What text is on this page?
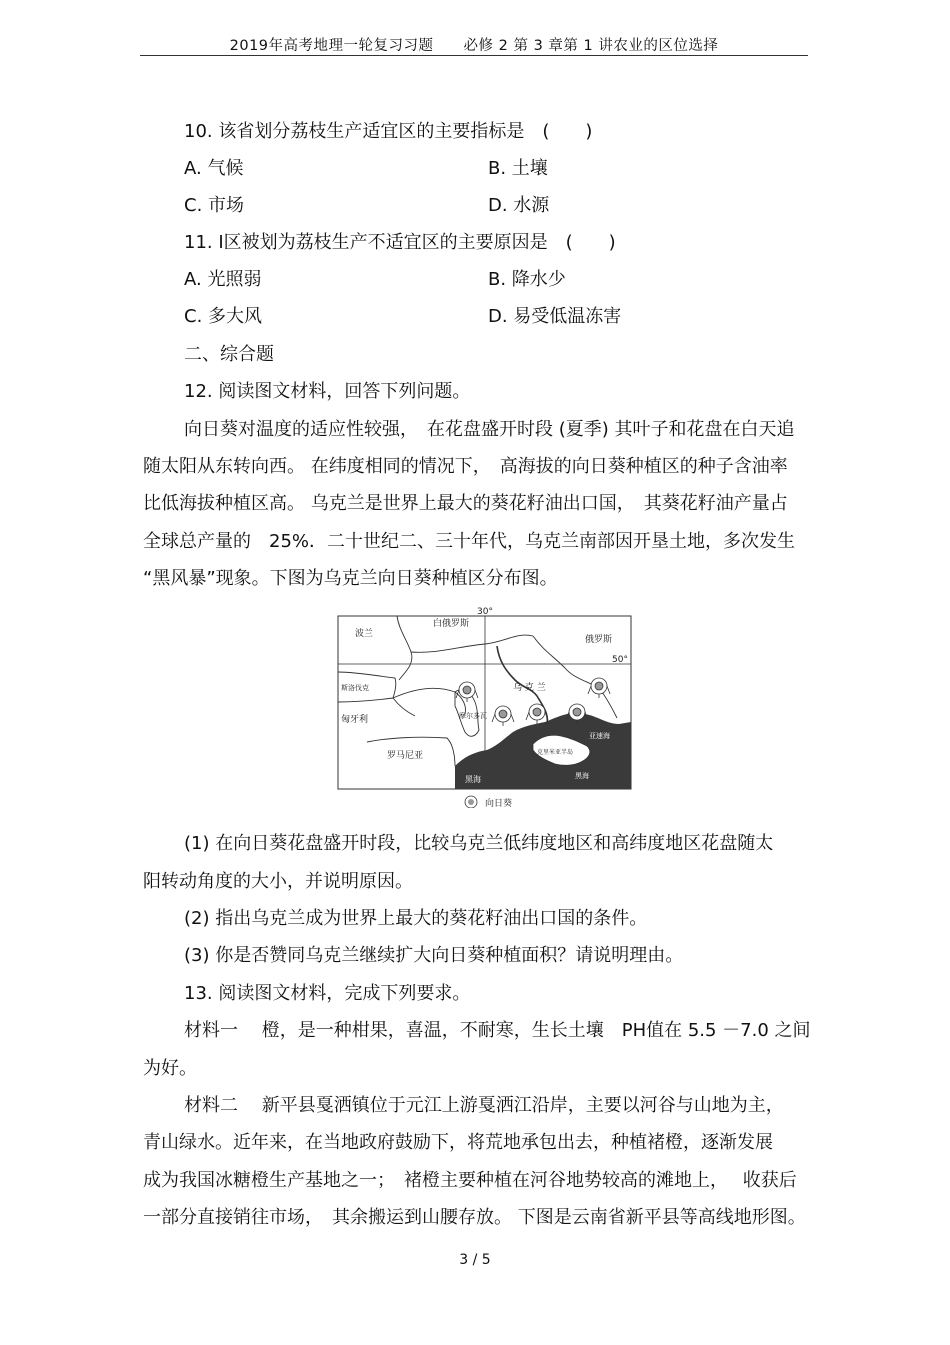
2019年高考地理一轮复习习题　　必修 2 第 3 章第 1 讲农业的区位选择
10. 该省划分荔枝生产适宜区的主要指标是　(　　)
A. 气候	B. 土壤
C. 市场	D. 水源
11. Ⅰ区被划为荔枝生产不适宜区的主要原因是　(　　)
A. 光照弱	B. 降水少
C. 多大风	D. 易受低温冻害
二、综合题
12. 阅读图文材料，回答下列问题。
向日葵对温度的适应性较强，　在花盘盛开时段 (夏季) 其叶子和花盘在白天追
随太阳从东转向西。 在纬度相同的情况下，　高海拔的向日葵种植区的种子含油率
比低海拔种植区高。 乌克兰是世界上最大的葵花籽油出口国，　其葵花籽油产量占
全球总产量的　25%．二十世纪二、三十年代，乌克兰南部因开垦土地，多次发生
“黑风暴”现象。下图为乌克兰向日葵种植区分布图。
30°
50°
波兰
白俄罗斯
俄罗斯
斯洛伐克
匈牙利
乌 克 兰
摩尔多瓦
罗马尼亚
亚速海
黑海	黑海
克里米亚半岛
向日葵
(1) 在向日葵花盘盛开时段，比较乌克兰低纬度地区和高纬度地区花盘随太
阳转动角度的大小，并说明原因。
(2) 指出乌克兰成为世界上最大的葵花籽油出口国的条件。
(3) 你是否赞同乌克兰继续扩大向日葵种植面积？请说明理由。
13. 阅读图文材料，完成下列要求。
材料一　 橙，是一种柑果，喜温，不耐寒，生长土壤　PH值在 5.5 －7.0 之间
为好。
材料二　 新平县戛洒镇位于元江上游戛洒江沿岸，主要以河谷与山地为主，
青山绿水。近年来，在当地政府鼓励下，将荒地承包出去，种植褚橙，逐渐发展
成为我国冰糖橙生产基地之一；　褚橙主要种植在河谷地势较高的滩地上，　 收获后
一部分直接销往市场，　其余搬运到山腰存放。 下图是云南省新平县等高线地形图。
3 / 5
